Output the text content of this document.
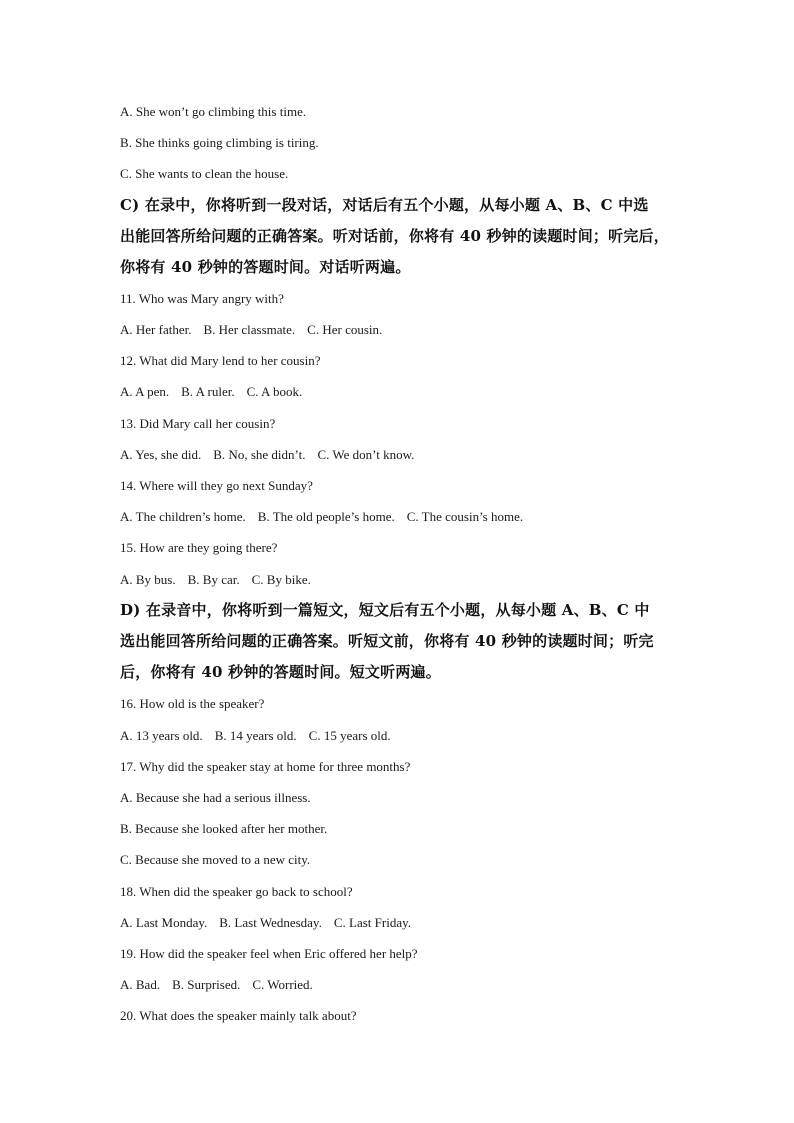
A. She won’t go climbing this time.
B. She thinks going climbing is tiring.
C. She wants to clean the house.
C) 在录中，你将听到一段对话，对话后有五个小题，从每小题 A、B、C 中选
出能回答所给问题的正确答案。听对话前，你将有 40 秒钟的读题时间；听完后，
你将有 40 秒钟的答题时间。对话听两遍。
11. Who was Mary angry with?
A. Her father. B. Her classmate. C. Her cousin.
12. What did Mary lend to her cousin?
A. A pen. B. A ruler. C. A book.
13. Did Mary call her cousin?
A. Yes, she did. B. No, she didn’t. C. We don’t know.
14. Where will they go next Sunday?
A. The children’s home. B. The old people’s home. C. The cousin’s home.
15. How are they going there?
A. By bus. B. By car. C. By bike.
D) 在录音中，你将听到一篇短文，短文后有五个小题，从每小题 A、B、C 中
选出能回答所给问题的正确答案。听短文前，你将有 40 秒钟的读题时间；听完
后，你将有 40 秒钟的答题时间。短文听两遍。
16. How old is the speaker?
A. 13 years old. B. 14 years old. C. 15 years old.
17. Why did the speaker stay at home for three months?
A. Because she had a serious illness.
B. Because she looked after her mother.
C. Because she moved to a new city.
18. When did the speaker go back to school?
A. Last Monday. B. Last Wednesday. C. Last Friday.
19. How did the speaker feel when Eric offered her help?
A. Bad. B. Surprised. C. Worried.
20. What does the speaker mainly talk about?
